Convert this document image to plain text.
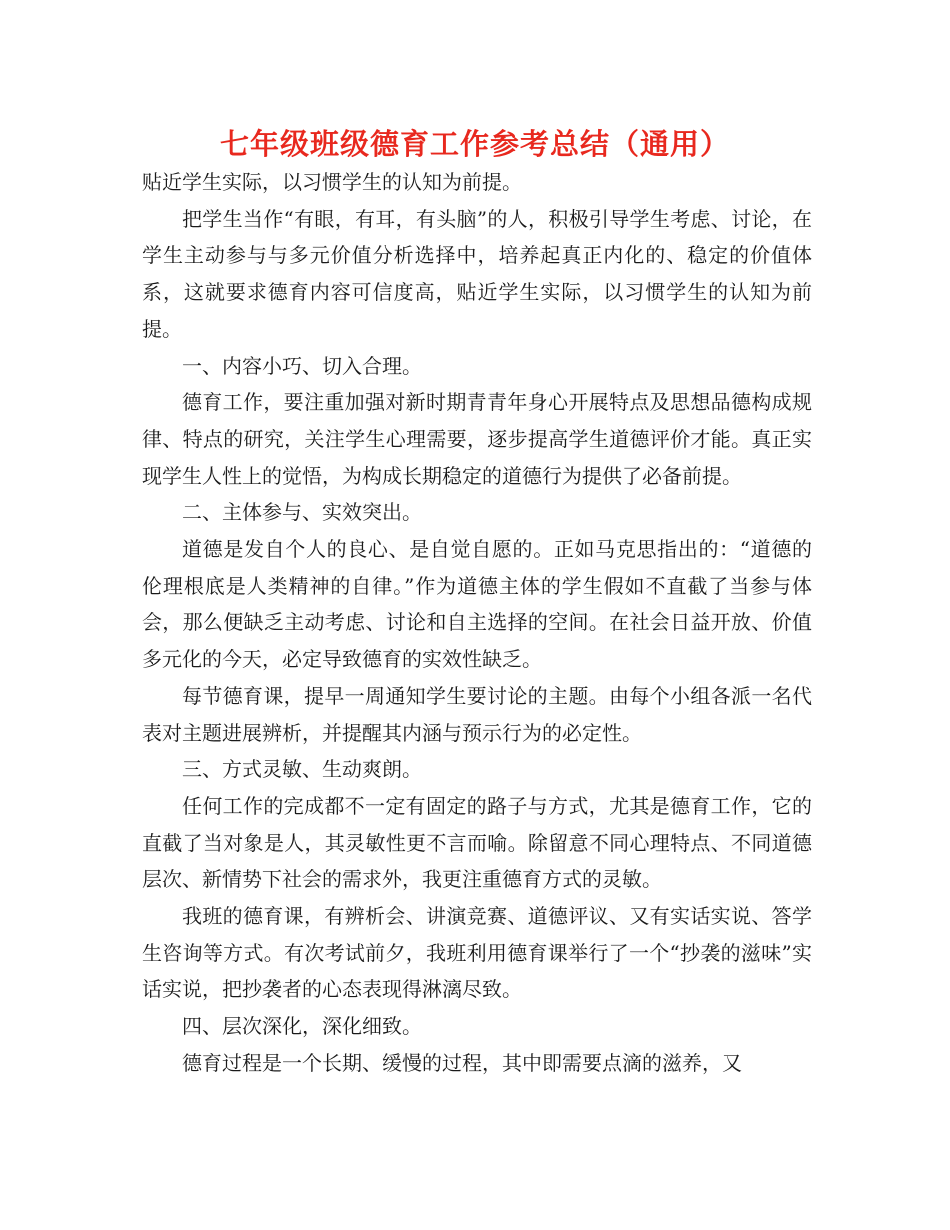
七年级班级德育工作参考总结（通用）

贴近学生实际，以习惯学生的认知为前提。

把学生当作“有眼，有耳，有头脑”的人，积极引导学生考虑、讨论，在学生主动参与与多元价值分析选择中，培养起真正内化的、稳定的价值体系，这就要求德育内容可信度高，贴近学生实际，以习惯学生的认知为前提。

一、内容小巧、切入合理。

德育工作，要注重加强对新时期青青年身心开展特点及思想品德构成规律、特点的研究，关注学生心理需要，逐步提高学生道德评价才能。真正实现学生人性上的觉悟，为构成长期稳定的道德行为提供了必备前提。

二、主体参与、实效突出。

道德是发自个人的良心、是自觉自愿的。正如马克思指出的：“道德的伦理根底是人类精神的自律。”作为道德主体的学生假如不直截了当参与体会，那么便缺乏主动考虑、讨论和自主选择的空间。在社会日益开放、价值多元化的今天，必定导致德育的实效性缺乏。

每节德育课，提早一周通知学生要讨论的主题。由每个小组各派一名代表对主题进展辨析，并提醒其内涵与预示行为的必定性。

三、方式灵敏、生动爽朗。

任何工作的完成都不一定有固定的路子与方式，尤其是德育工作，它的直截了当对象是人，其灵敏性更不言而喻。除留意不同心理特点、不同道德层次、新情势下社会的需求外，我更注重德育方式的灵敏。

我班的德育课，有辨析会、讲演竞赛、道德评议、又有实话实说、答学生咨询等方式。有次考试前夕，我班利用德育课举行了一个“抄袭的滋味”实话实说，把抄袭者的心态表现得淋漓尽致。

四、层次深化，深化细致。

德育过程是一个长期、缓慢的过程，其中即需要点滴的滋养，又
